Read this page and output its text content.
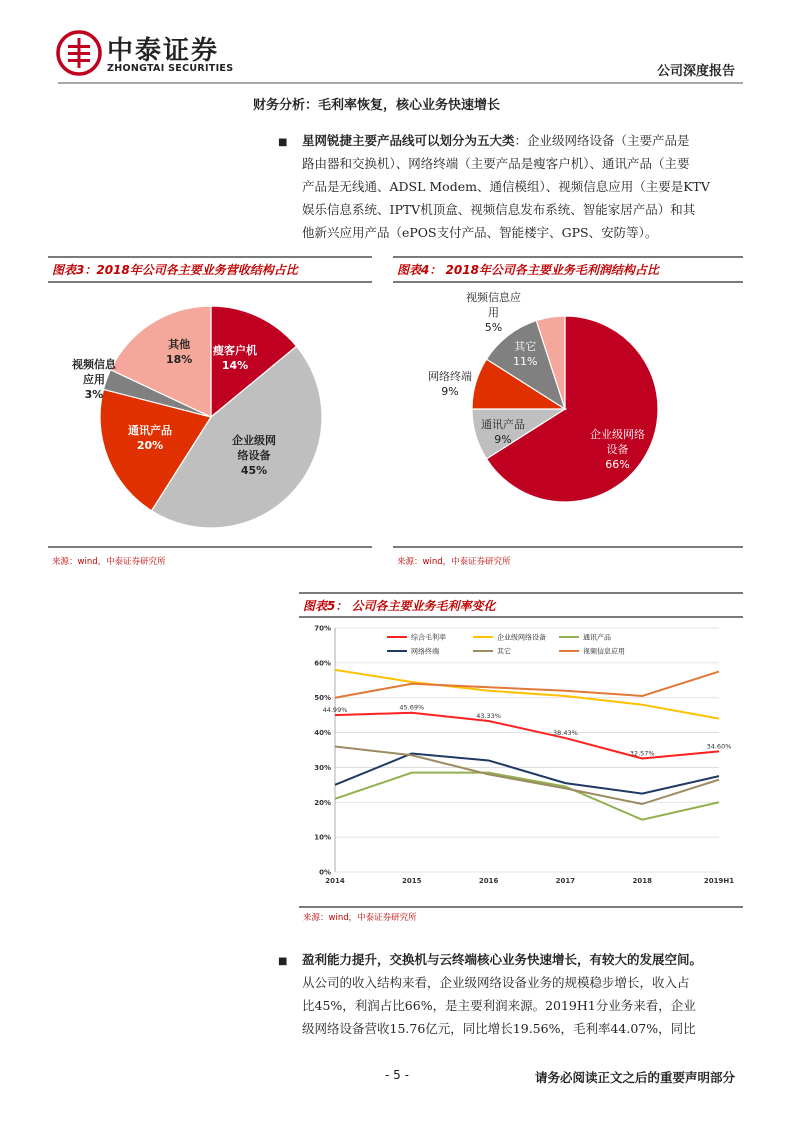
中泰证券
ZHONGTAI SECURITIES	公司深度报告
财务分析：毛利率恢复，核心业务快速增长
■ 星网锐捷主要产品线可以划分为五大类：企业级网络设备（主要产品是
路由器和交换机）、网络终端（主要产品是瘦客户机）、通讯产品（主要
产品是无线通、ADSL Modem、通信模组）、视频信息应用（主要是KTV
娱乐信息系统、IPTV机顶盒、视频信息发布系统、智能家居产品）和其
他新兴应用产品（ePOS支付产品、智能楼宇、GPS、安防等）。
图表3：2018年公司各主要业务营收结构占比
瘦客户机
14%
企业级网
络设备
45%
通讯产品
20%
视频信息
应用
3%
其他
18%
来源：wind，中泰证券研究所
图表4： 2018年公司各主要业务毛利润结构占比
企业级网络
设备
66%
通讯产品
9%
网络终端
9%
其它
11%
视频信息应
用
5%
来源：wind，中泰证券研究所
图表5： 公司各主要业务毛利率变化
0%
10%
20%
30%
40%
50%
60%
70%
2014	2015	2016	2017	2018	2019H1
44.99%	45.69%
43.33%
38.43%
32.57%
34.60%
综合毛利率	企业级网络设备	通讯产品
网络终端	其它	视频信息应用
来源：wind，中泰证券研究所
■ 盈利能力提升，交换机与云终端核心业务快速增长，有较大的发展空间。
从公司的收入结构来看，企业级网络设备业务的规模稳步增长，收入占
比45%，利润占比66%，是主要利润来源。2019H1分业务来看，企业
级网络设备营收15.76亿元，同比增长19.56%，毛利率44.07%，同比
- 5 -	请务必阅读正文之后的重要声明部分
